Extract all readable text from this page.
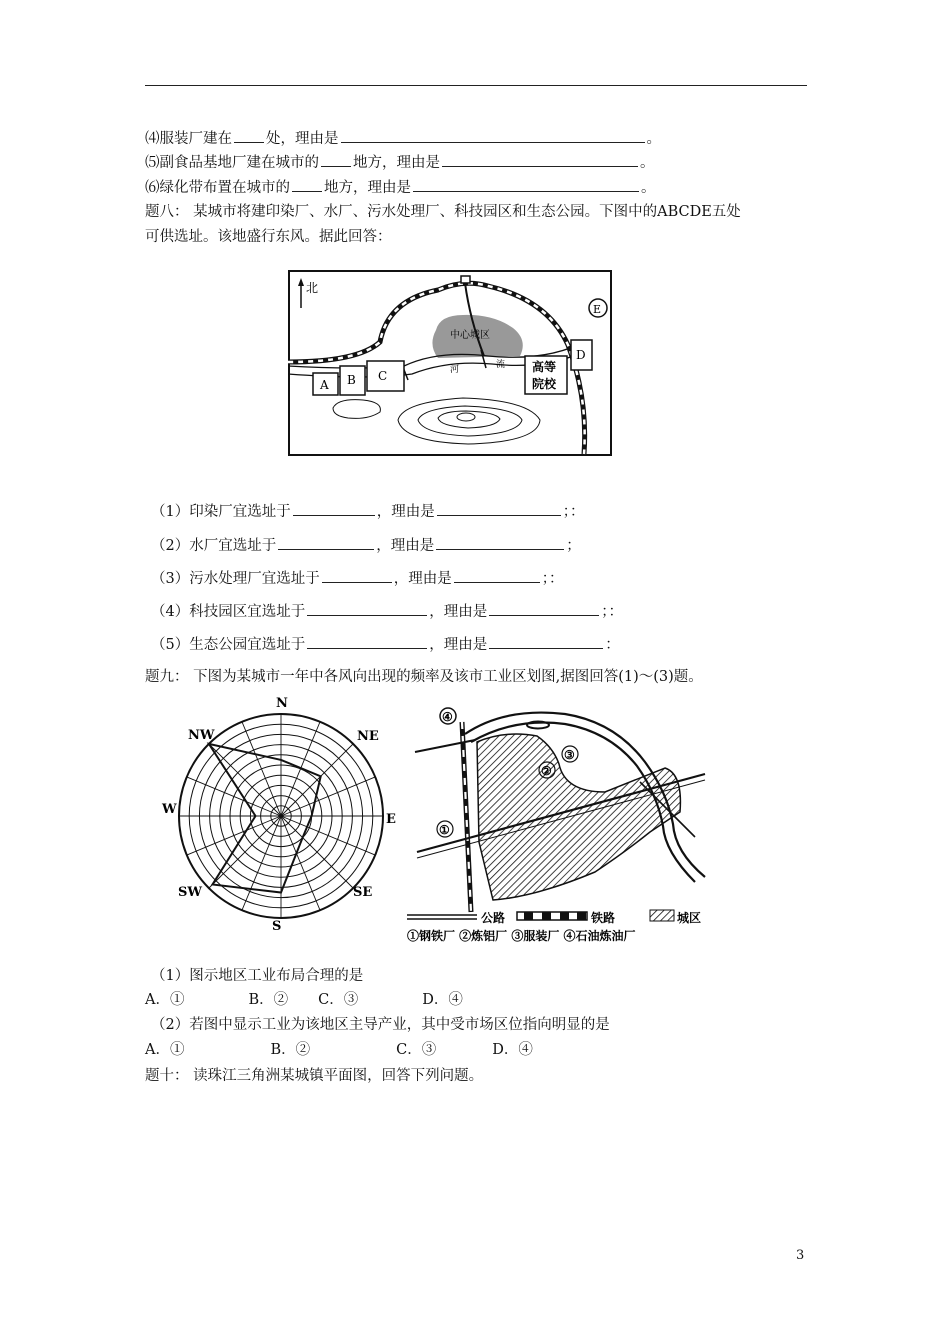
⑷服装厂建在 处，理由是	。
⑸副食品基地厂建在城市的 地方，理由是	。
⑹绿化带布置在城市的 地方，理由是	。
题八： 某城市将建印染厂、水厂、污水处理厂、科技园区和生态公园。下图中的ABCDE五处
可供选址。该地盛行东风。据此回答：
北
中心城区
河	流
A B C
高等
院校
D
E
（1）印染厂宜选址于	，理由是	；：
（2）水厂宜选址于	，理由是	；
（3）污水处理厂宜选址于	，理由是	；：
（4）科技园区宜选址于	，理由是	；：
（5）生态公园宜选址于	，理由是	：
题九： 下图为某城市一年中各风向出现的频率及该市工业区划图,据图回答(1)～(3)题。
N
NE
E
SE
S
SW
W
NW
④
②
③
①
公路	铁路	城区
①钢铁厂 ②炼铝厂 ③服装厂 ④石油炼油厂
（1）图示地区工业布局合理的是
A．①	B．② C．③	D．④
（2）若图中显示工业为该地区主导产业，其中受市场区位指向明显的是
A．①	B．②	C．③	D．④
题十： 读珠江三角洲某城镇平面图，回答下列问题。
3
